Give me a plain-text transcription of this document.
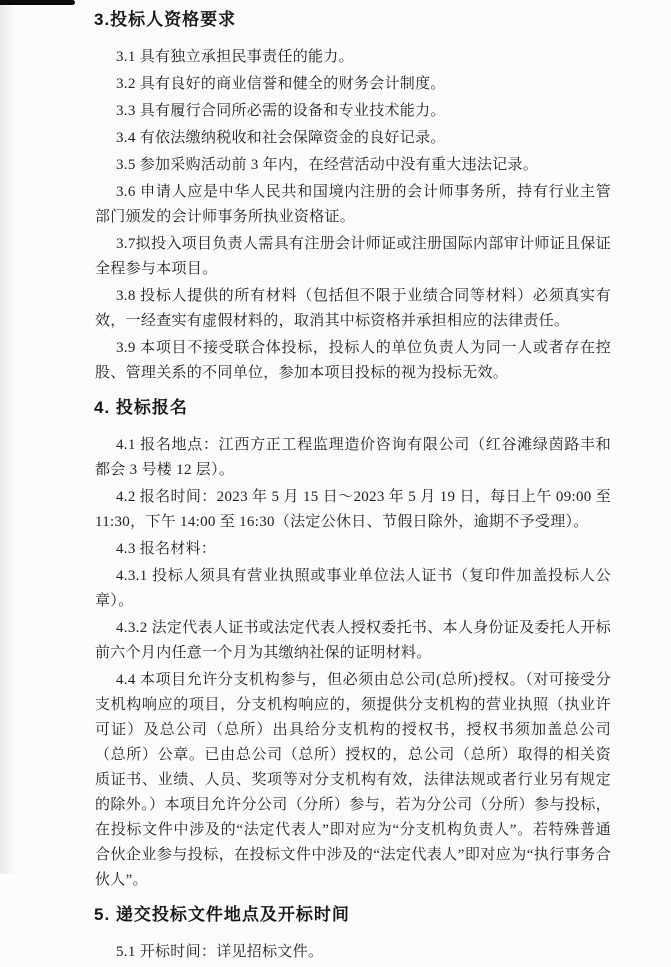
3.投标人资格要求

3.1 具有独立承担民事责任的能力。

3.2 具有良好的商业信誉和健全的财务会计制度。

3.3 具有履行合同所必需的设备和专业技术能力。

3.4 有依法缴纳税收和社会保障资金的良好记录。

3.5 参加采购活动前 3 年内，在经营活动中没有重大违法记录。

3.6 申请人应是中华人民共和国境内注册的会计师事务所，持有行业主管部门颁发的会计师事务所执业资格证。

3.7拟投入项目负责人需具有注册会计师证或注册国际内部审计师证且保证全程参与本项目。

3.8 投标人提供的所有材料（包括但不限于业绩合同等材料）必须真实有效，一经查实有虚假材料的，取消其中标资格并承担相应的法律责任。

3.9 本项目不接受联合体投标，投标人的单位负责人为同一人或者存在控股、管理关系的不同单位，参加本项目投标的视为投标无效。

4. 投标报名

4.1 报名地点：江西方正工程监理造价咨询有限公司（红谷滩绿茵路丰和都会 3 号楼 12 层）。

4.2 报名时间：2023 年 5 月 15 日～2023 年 5 月 19 日，每日上午 09:00 至 11:30，下午 14:00 至 16:30（法定公休日、节假日除外，逾期不予受理）。

4.3 报名材料：

4.3.1 投标人须具有营业执照或事业单位法人证书（复印件加盖投标人公章）。

4.3.2 法定代表人证书或法定代表人授权委托书、本人身份证及委托人开标前六个月内任意一个月为其缴纳社保的证明材料。

4.4 本项目允许分支机构参与，但必须由总公司(总所)授权。（对可接受分支机构响应的项目，分支机构响应的，须提供分支机构的营业执照（执业许可证）及总公司（总所）出具给分支机构的授权书，授权书须加盖总公司（总所）公章。已由总公司（总所）授权的，总公司（总所）取得的相关资质证书、业绩、人员、奖项等对分支机构有效，法律法规或者行业另有规定的除外。）本项目允许分公司（分所）参与，若为分公司（分所）参与投标，在投标文件中涉及的“法定代表人”即对应为“分支机构负责人”。若特殊普通合伙企业参与投标，在投标文件中涉及的“法定代表人”即对应为“执行事务合伙人”。

5. 递交投标文件地点及开标时间

5.1 开标时间：详见招标文件。
